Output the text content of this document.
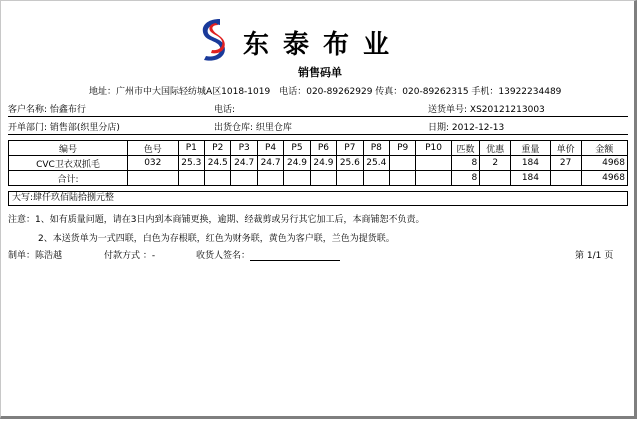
东泰布业
销售码单
地址：广州市中大国际轻纺城A区1018-1019　电话：020-89262929 传真：020-89262315 手机：13922234489
客户名称: 怡鑫布行	电话:	送货单号: XS20121213003
开单部门: 销售部(织里分店)	出货仓库: 织里仓库	日期: 2012-12-13
编号	色号	P1	P2	P3	P4	P5	P6	P7	P8	P9	P10	匹数	优惠	重量	单价	金额
CVC卫衣双抓毛	032	25.3	24.5	24.7	24.7	24.9	24.9	25.6	25.4			8	2	184	27	4968
合计:												8		184		4968
大写:肆仟玖佰陆拾捌元整
注意：1、如有质量问题，请在3日内到本商铺更换，逾期、经裁剪或另行其它加工后，本商铺恕不负责。
2、本送货单为一式四联，白色为存根联，红色为财务联，黄色为客户联，兰色为提货联。
制单：陈浩越	付款方式 ：-	收货人签名：	第 1/1 页
